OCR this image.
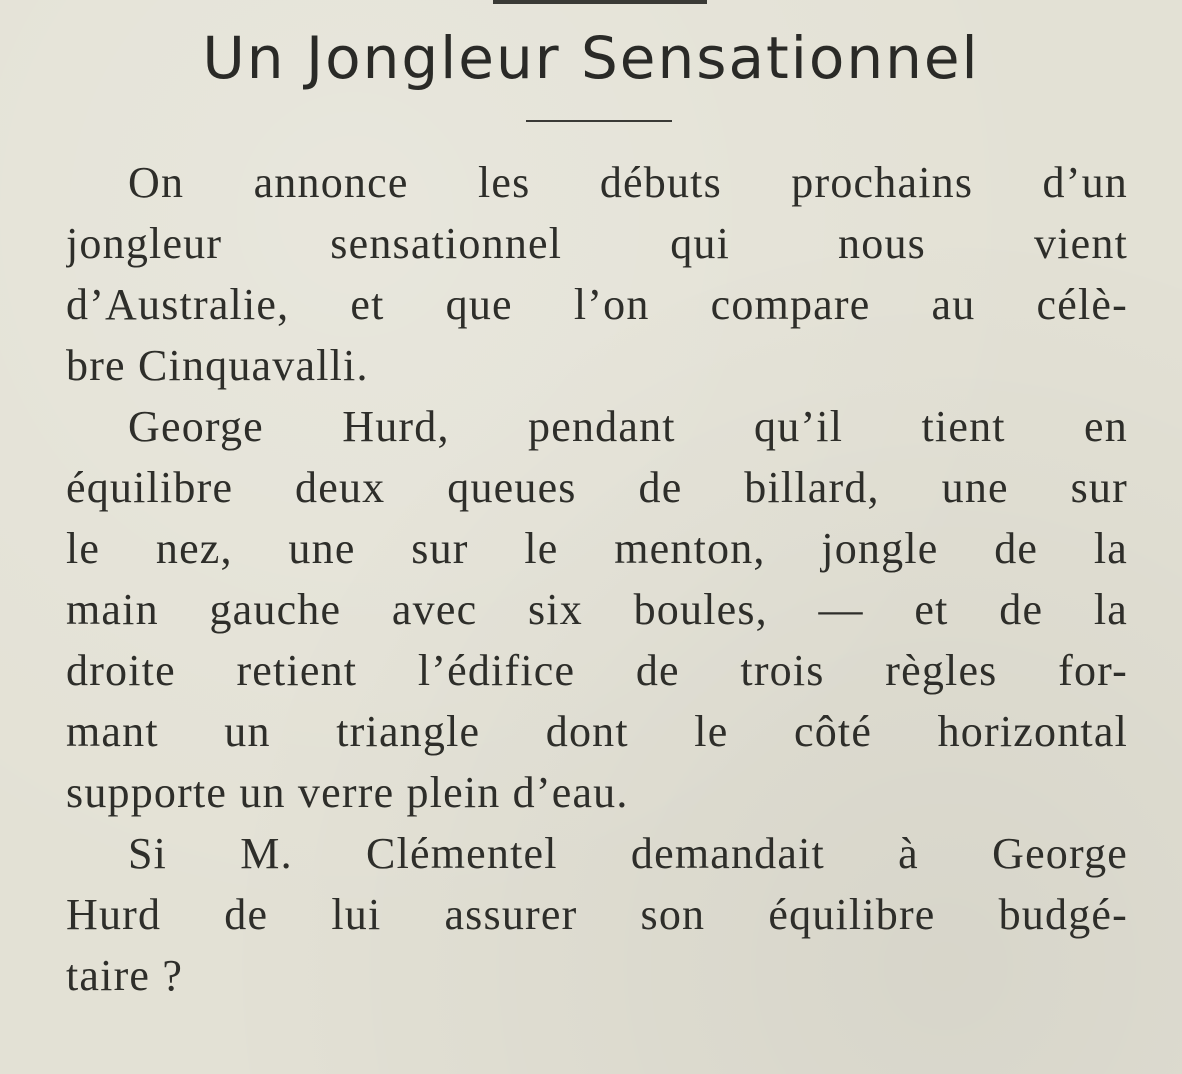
Un Jongleur Sensationnel
On annonce les débuts prochains d’un
jongleur sensationnel qui nous vient
d’Australie, et que l’on compare au célè-
bre Cinquavalli.
George Hurd, pendant qu’il tient en
équilibre deux queues de billard, une sur
le nez, une sur le menton, jongle de la
main gauche avec six boules, — et de la
droite retient l’édifice de trois règles for-
mant un triangle dont le côté horizontal
supporte un verre plein d’eau.
Si M. Clémentel demandait à George
Hurd de lui assurer son équilibre budgé-
taire ?
